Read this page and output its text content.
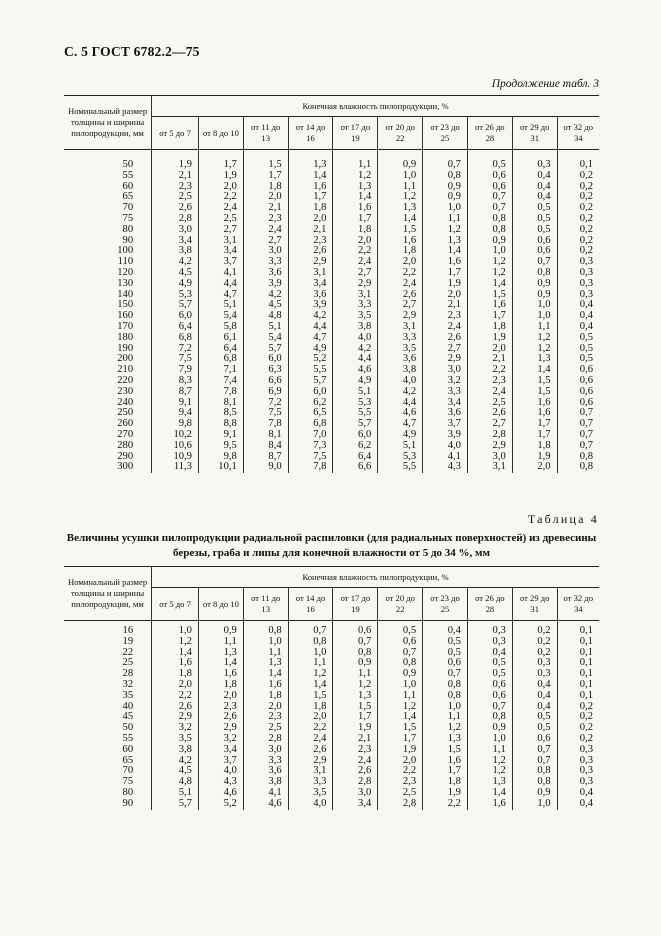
С. 5 ГОСТ 6782.2—75
Продолжение табл. 3
Номинальный размер толщины и ширины пилопродукции, мм	Конечная влажность пилопродукции, %									
	от 5 до 7	от 8 до 10	от 11 до 13	от 14 до 16	от 17 до 19	от 20 до 22	от 23 до 25	от 26 до 28	от 29 до 31	от 32 до 34

50	1,9	1,7	1,5	1,3	1,1	0,9	0,7	0,5	0,3	0,1
55	2,1	1,9	1,7	1,4	1,2	1,0	0,8	0,6	0,4	0,2
60	2,3	2,0	1,8	1,6	1,3	1,1	0,9	0,6	0,4	0,2
65	2,5	2,2	2,0	1,7	1,4	1,2	0,9	0,7	0,4	0,2
70	2,6	2,4	2,1	1,8	1,6	1,3	1,0	0,7	0,5	0,2
75	2,8	2,5	2,3	2,0	1,7	1,4	1,1	0,8	0,5	0,2
80	3,0	2,7	2,4	2,1	1,8	1,5	1,2	0,8	0,5	0,2
90	3,4	3,1	2,7	2,3	2,0	1,6	1,3	0,9	0,6	0,2
100	3,8	3,4	3,0	2,6	2,2	1,8	1,4	1,0	0,6	0,2
110	4,2	3,7	3,3	2,9	2,4	2,0	1,6	1,2	0,7	0,3
120	4,5	4,1	3,6	3,1	2,7	2,2	1,7	1,2	0,8	0,3
130	4,9	4,4	3,9	3,4	2,9	2,4	1,9	1,4	0,9	0,3
140	5,3	4,7	4,2	3,6	3,1	2,6	2,0	1,5	0,9	0,3
150	5,7	5,1	4,5	3,9	3,3	2,7	2,1	1,6	1,0	0,4
160	6,0	5,4	4,8	4,2	3,5	2,9	2,3	1,7	1,0	0,4
170	6,4	5,8	5,1	4,4	3,8	3,1	2,4	1,8	1,1	0,4
180	6,8	6,1	5,4	4,7	4,0	3,3	2,6	1,9	1,2	0,5
190	7,2	6,4	5,7	4,9	4,2	3,5	2,7	2,0	1,2	0,5
200	7,5	6,8	6,0	5,2	4,4	3,6	2,9	2,1	1,3	0,5
210	7,9	7,1	6,3	5,5	4,6	3,8	3,0	2,2	1,4	0,6
220	8,3	7,4	6,6	5,7	4,9	4,0	3,2	2,3	1,5	0,6
230	8,7	7,8	6,9	6,0	5,1	4,2	3,3	2,4	1,5	0,6
240	9,1	8,1	7,2	6,2	5,3	4,4	3,4	2,5	1,6	0,6
250	9,4	8,5	7,5	6,5	5,5	4,6	3,6	2,6	1,6	0,7
260	9,8	8,8	7,8	6,8	5,7	4,7	3,7	2,7	1,7	0,7
270	10,2	9,1	8,1	7,0	6,0	4,9	3,9	2,8	1,7	0,7
280	10,6	9,5	8,4	7,3	6,2	5,1	4,0	2,9	1,8	0,7
290	10,9	9,8	8,7	7,5	6,4	5,3	4,1	3,0	1,9	0,8
300	11,3	10,1	9,0	7,8	6,6	5,5	4,3	3,1	2,0	0,8
Таблица 4
Величины усушки пилопродукции радиальной распиловки (для радиальных поверхностей) из древесины березы, граба и липы для конечной влажности от 5 до 34 %, мм
Номинальный размер толщины и ширины пилопродукции, мм	Конечная влажность пилопродукции, %									
	от 5 до 7	от 8 до 10	от 11 до 13	от 14 до 16	от 17 до 19	от 20 до 22	от 23 до 25	от 26 до 28	от 29 до 31	от 32 до 34

16	1,0	0,9	0,8	0,7	0,6	0,5	0,4	0,3	0,2	0,1
19	1,2	1,1	1,0	0,8	0,7	0,6	0,5	0,3	0,2	0,1
22	1,4	1,3	1,1	1,0	0,8	0,7	0,5	0,4	0,2	0,1
25	1,6	1,4	1,3	1,1	0,9	0,8	0,6	0,5	0,3	0,1
28	1,8	1,6	1,4	1,2	1,1	0,9	0,7	0,5	0,3	0,1
32	2,0	1,8	1,6	1,4	1,2	1,0	0,8	0,6	0,4	0,1
35	2,2	2,0	1,8	1,5	1,3	1,1	0,8	0,6	0,4	0,1
40	2,6	2,3	2,0	1,8	1,5	1,2	1,0	0,7	0,4	0,2
45	2,9	2,6	2,3	2,0	1,7	1,4	1,1	0,8	0,5	0,2
50	3,2	2,9	2,5	2,2	1,9	1,5	1,2	0,9	0,5	0,2
55	3,5	3,2	2,8	2,4	2,1	1,7	1,3	1,0	0,6	0,2
60	3,8	3,4	3,0	2,6	2,3	1,9	1,5	1,1	0,7	0,3
65	4,2	3,7	3,3	2,9	2,4	2,0	1,6	1,2	0,7	0,3
70	4,5	4,0	3,6	3,1	2,6	2,2	1,7	1,2	0,8	0,3
75	4,8	4,3	3,8	3,3	2,8	2,3	1,8	1,3	0,8	0,3
80	5,1	4,6	4,1	3,5	3,0	2,5	1,9	1,4	0,9	0,4
90	5,7	5,2	4,6	4,0	3,4	2,8	2,2	1,6	1,0	0,4
